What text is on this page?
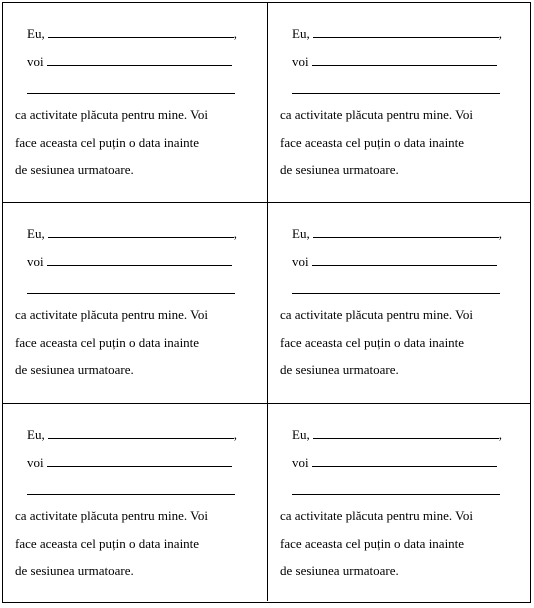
Eu,	,
voi
ca activitate plăcuta pentru mine. Voi
face aceasta cel puțin o data inainte
de sesiunea urmatoare.
Eu,	,
voi
ca activitate plăcuta pentru mine. Voi
face aceasta cel puțin o data inainte
de sesiunea urmatoare.
Eu,	,
voi
ca activitate plăcuta pentru mine. Voi
face aceasta cel puțin o data inainte
de sesiunea urmatoare.
Eu,	,
voi
ca activitate plăcuta pentru mine. Voi
face aceasta cel puțin o data inainte
de sesiunea urmatoare.
Eu,	,
voi
ca activitate plăcuta pentru mine. Voi
face aceasta cel puțin o data inainte
de sesiunea urmatoare.
Eu,	,
voi
ca activitate plăcuta pentru mine. Voi
face aceasta cel puțin o data inainte
de sesiunea urmatoare.
